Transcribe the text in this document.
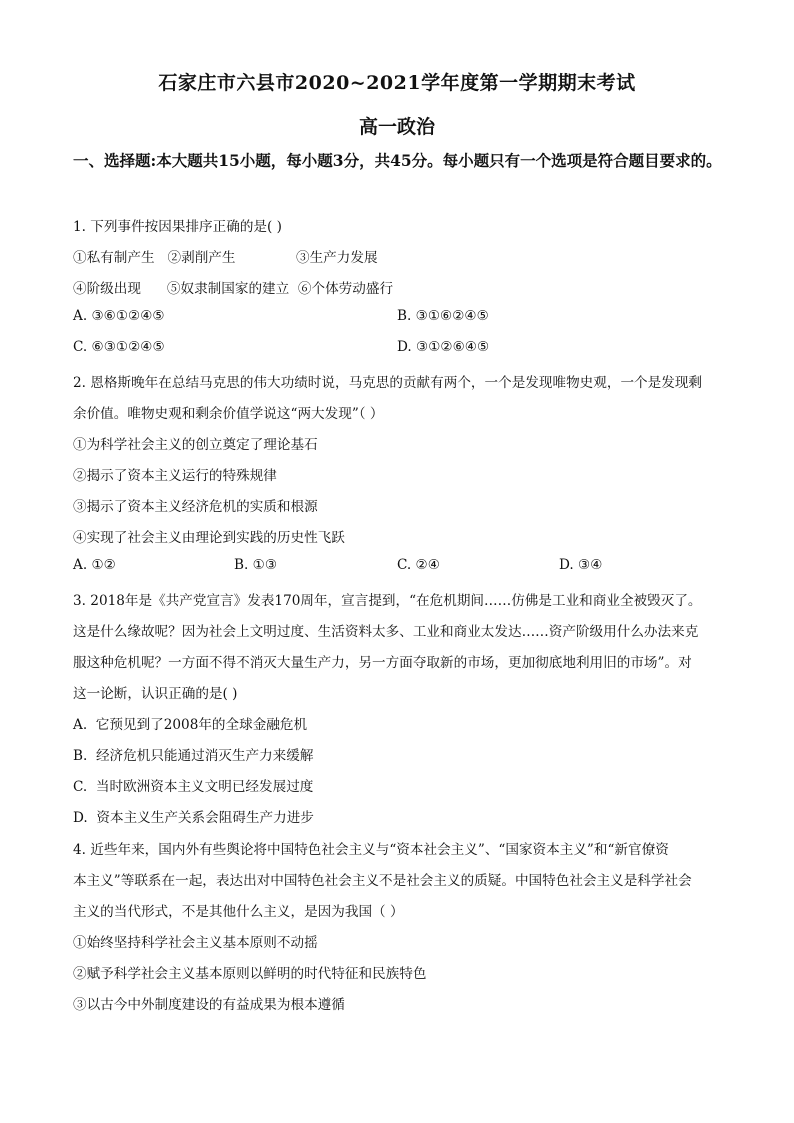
石家庄市六县市2020~2021学年度第一学期期末考试
高一政治
一、选择题:本大题共15小题，每小题3分，共45分。每小题只有一个选项是符合题目要求的。
1. 下列事件按因果排序正确的是( )
①私有制产生   ②剥削产生              ③生产力发展
④阶级出现      ⑤奴隶制国家的建立  ⑥个体劳动盛行
A. ③⑥①②④⑤	B. ③①⑥②④⑤
C. ⑥③①②④⑤	D. ③①②⑥④⑤
2. 恩格斯晚年在总结马克思的伟大功绩时说，马克思的贡献有两个，一个是发现唯物史观，一个是发现剩
余价值。唯物史观和剩余价值学说这“两大发现”（ ）
①为科学社会主义的创立奠定了理论基石
②揭示了资本主义运行的特殊规律
③揭示了资本主义经济危机的实质和根源
④实现了社会主义由理论到实践的历史性飞跃
A. ①②	B. ①③	C. ②④	D. ③④
3. 2018年是《共产党宣言》发表170周年，宣言提到，“在危机期间……仿佛是工业和商业全被毁灭了。
这是什么缘故呢？因为社会上文明过度、生活资料太多、工业和商业太发达……资产阶级用什么办法来克
服这种危机呢？一方面不得不消灭大量生产力，另一方面夺取新的市场，更加彻底地利用旧的市场”。对
这一论断，认识正确的是( )
A.  它预见到了2008年的全球金融危机
B.  经济危机只能通过消灭生产力来缓解
C.  当时欧洲资本主义文明已经发展过度
D.  资本主义生产关系会阻碍生产力进步
4. 近些年来，国内外有些舆论将中国特色社会主义与“资本社会主义”、“国家资本主义”和“新官僚资
本主义”等联系在一起，表达出对中国特色社会主义不是社会主义的质疑。中国特色社会主义是科学社会
主义的当代形式，不是其他什么主义，是因为我国（ ）
①始终坚持科学社会主义基本原则不动摇
②赋予科学社会主义基本原则以鲜明的时代特征和民族特色
③以古今中外制度建设的有益成果为根本遵循
